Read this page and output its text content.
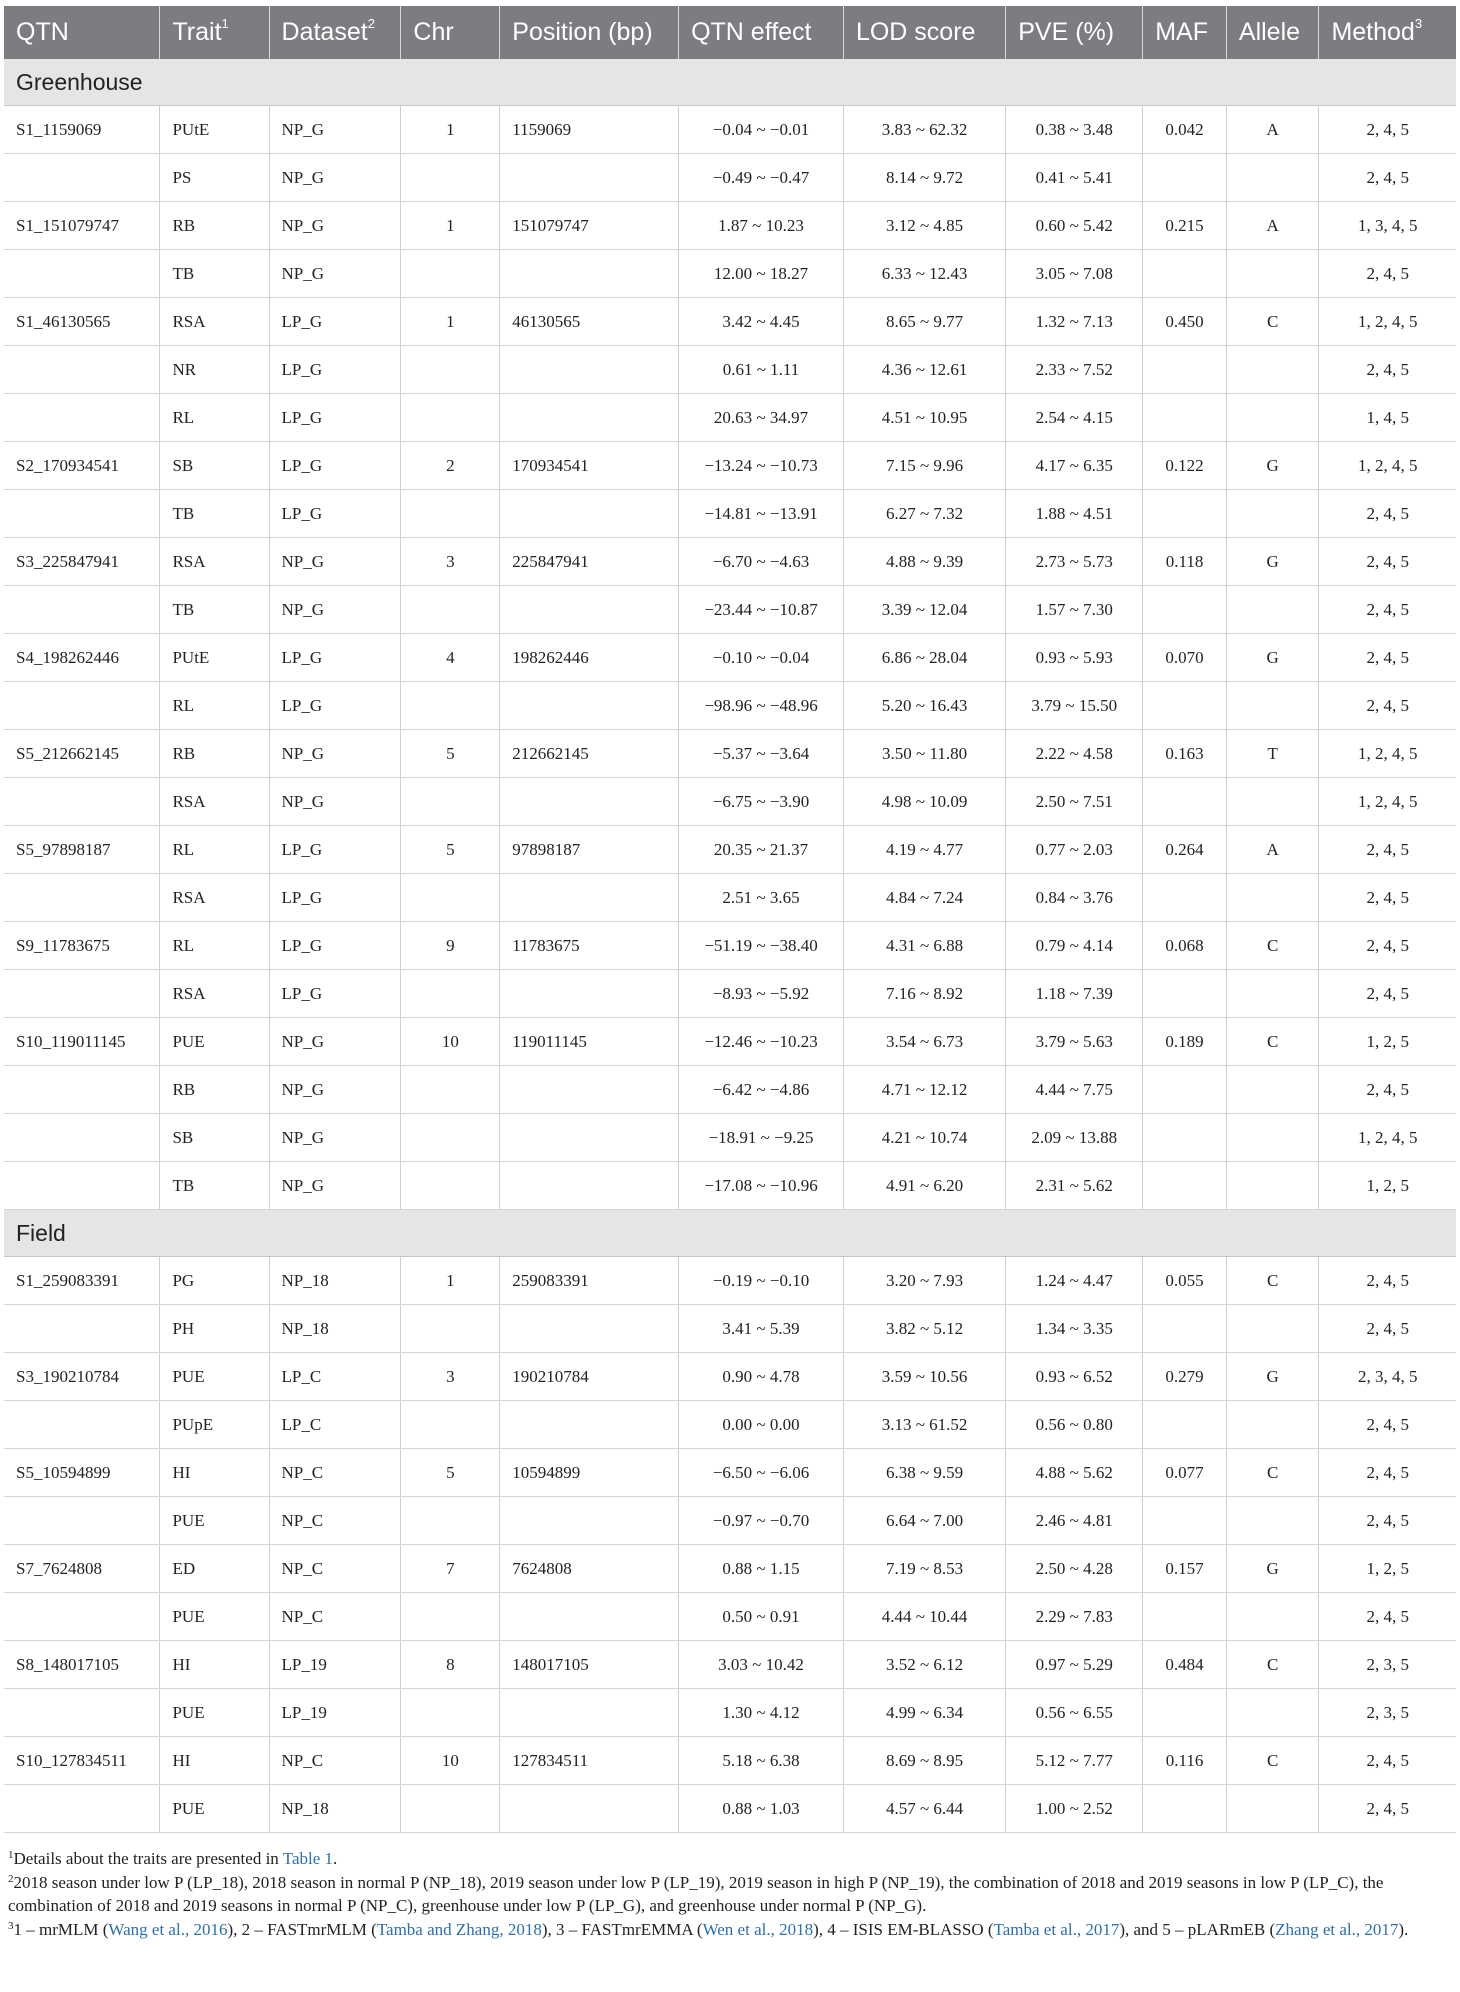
QTN	Trait$^1$	Dataset$^2$	Chr	Position (bp)	QTN effect	LOD score	PVE (%)	MAF	Allele	Method$^3$
Greenhouse										
S1_1159069	PUtE	NP_G	1	1159069	−0.04 ~ −0.01	3.83 ~ 62.32	0.38 ~ 3.48	0.042	A	2, 4, 5
	PS	NP_G			−0.49 ~ −0.47	8.14 ~ 9.72	0.41 ~ 5.41			2, 4, 5
S1_151079747	RB	NP_G	1	151079747	1.87 ~ 10.23	3.12 ~ 4.85	0.60 ~ 5.42	0.215	A	1, 3, 4, 5
	TB	NP_G			12.00 ~ 18.27	6.33 ~ 12.43	3.05 ~ 7.08			2, 4, 5
S1_46130565	RSA	LP_G	1	46130565	3.42 ~ 4.45	8.65 ~ 9.77	1.32 ~ 7.13	0.450	C	1, 2, 4, 5
	NR	LP_G			0.61 ~ 1.11	4.36 ~ 12.61	2.33 ~ 7.52			2, 4, 5
	RL	LP_G			20.63 ~ 34.97	4.51 ~ 10.95	2.54 ~ 4.15			1, 4, 5
S2_170934541	SB	LP_G	2	170934541	−13.24 ~ −10.73	7.15 ~ 9.96	4.17 ~ 6.35	0.122	G	1, 2, 4, 5
	TB	LP_G			−14.81 ~ −13.91	6.27 ~ 7.32	1.88 ~ 4.51			2, 4, 5
S3_225847941	RSA	NP_G	3	225847941	−6.70 ~ −4.63	4.88 ~ 9.39	2.73 ~ 5.73	0.118	G	2, 4, 5
	TB	NP_G			−23.44 ~ −10.87	3.39 ~ 12.04	1.57 ~ 7.30			2, 4, 5
S4_198262446	PUtE	LP_G	4	198262446	−0.10 ~ −0.04	6.86 ~ 28.04	0.93 ~ 5.93	0.070	G	2, 4, 5
	RL	LP_G			−98.96 ~ −48.96	5.20 ~ 16.43	3.79 ~ 15.50			2, 4, 5
S5_212662145	RB	NP_G	5	212662145	−5.37 ~ −3.64	3.50 ~ 11.80	2.22 ~ 4.58	0.163	T	1, 2, 4, 5
	RSA	NP_G			−6.75 ~ −3.90	4.98 ~ 10.09	2.50 ~ 7.51			1, 2, 4, 5
S5_97898187	RL	LP_G	5	97898187	20.35 ~ 21.37	4.19 ~ 4.77	0.77 ~ 2.03	0.264	A	2, 4, 5
	RSA	LP_G			2.51 ~ 3.65	4.84 ~ 7.24	0.84 ~ 3.76			2, 4, 5
S9_11783675	RL	LP_G	9	11783675	−51.19 ~ −38.40	4.31 ~ 6.88	0.79 ~ 4.14	0.068	C	2, 4, 5
	RSA	LP_G			−8.93 ~ −5.92	7.16 ~ 8.92	1.18 ~ 7.39			2, 4, 5
S10_119011145	PUE	NP_G	10	119011145	−12.46 ~ −10.23	3.54 ~ 6.73	3.79 ~ 5.63	0.189	C	1, 2, 5
	RB	NP_G			−6.42 ~ −4.86	4.71 ~ 12.12	4.44 ~ 7.75			2, 4, 5
	SB	NP_G			−18.91 ~ −9.25	4.21 ~ 10.74	2.09 ~ 13.88			1, 2, 4, 5
	TB	NP_G			−17.08 ~ −10.96	4.91 ~ 6.20	2.31 ~ 5.62			1, 2, 5
Field										
S1_259083391	PG	NP_18	1	259083391	−0.19 ~ −0.10	3.20 ~ 7.93	1.24 ~ 4.47	0.055	C	2, 4, 5
	PH	NP_18			3.41 ~ 5.39	3.82 ~ 5.12	1.34 ~ 3.35			2, 4, 5
S3_190210784	PUE	LP_C	3	190210784	0.90 ~ 4.78	3.59 ~ 10.56	0.93 ~ 6.52	0.279	G	2, 3, 4, 5
	PUpE	LP_C			0.00 ~ 0.00	3.13 ~ 61.52	0.56 ~ 0.80			2, 4, 5
S5_10594899	HI	NP_C	5	10594899	−6.50 ~ −6.06	6.38 ~ 9.59	4.88 ~ 5.62	0.077	C	2, 4, 5
	PUE	NP_C			−0.97 ~ −0.70	6.64 ~ 7.00	2.46 ~ 4.81			2, 4, 5
S7_7624808	ED	NP_C	7	7624808	0.88 ~ 1.15	7.19 ~ 8.53	2.50 ~ 4.28	0.157	G	1, 2, 5
	PUE	NP_C			0.50 ~ 0.91	4.44 ~ 10.44	2.29 ~ 7.83			2, 4, 5
S8_148017105	HI	LP_19	8	148017105	3.03 ~ 10.42	3.52 ~ 6.12	0.97 ~ 5.29	0.484	C	2, 3, 5
	PUE	LP_19			1.30 ~ 4.12	4.99 ~ 6.34	0.56 ~ 6.55			2, 3, 5
S10_127834511	HI	NP_C	10	127834511	5.18 ~ 6.38	8.69 ~ 8.95	5.12 ~ 7.77	0.116	C	2, 4, 5
	PUE	NP_18			0.88 ~ 1.03	4.57 ~ 6.44	1.00 ~ 2.52			2, 4, 5

$^1$Details about the traits are presented in Table 1.

$^2$2018 season under low P (LP_18), 2018 season in normal P (NP_18), 2019 season under low P (LP_19), 2019 season in high P (NP_19), the combination of 2018 and 2019 seasons in low P (LP_C), the combination of 2018 and 2019 seasons in normal P (NP_C), greenhouse under low P (LP_G), and greenhouse under normal P (NP_G).

$^3$1 – mrMLM (Wang et al., 2016), 2 – FASTmrMLM (Tamba and Zhang, 2018), 3 – FASTmrEMMA (Wen et al., 2018), 4 – ISIS EM-BLASSO (Tamba et al., 2017), and 5 – pLARmEB (Zhang et al., 2017).
